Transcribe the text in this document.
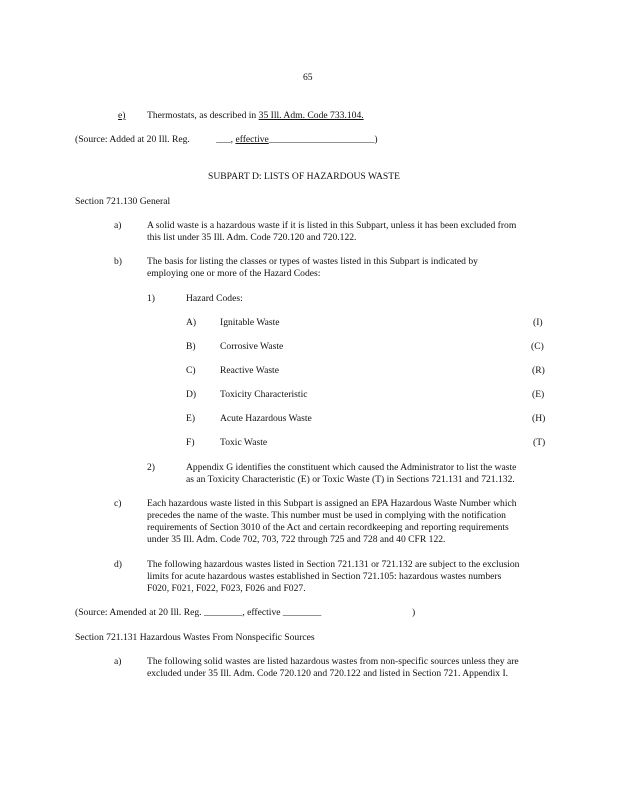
65
e) Thermostats, as described in 35 Ill. Adm. Code 733.104.
(Source: Added at 20 Ill. Reg.	___, effective______________________)
SUBPART D: LISTS OF HAZARDOUS WASTE
Section 721.130 General
a)	A solid waste is a hazardous waste if it is listed in this Subpart, unless it has been excluded from
this list under 35 Ill. Adm. Code 720.120 and 720.122.
b)	The basis for listing the classes or types of wastes listed in this Subpart is indicated by
employing one or more of the Hazard Codes:
1)	Hazard Codes:
A) Ignitable Waste	(I)
B)	Corrosive Waste	(C)
C)	Reactive Waste	(R)
D) Toxicity Characteristic	(E)
E)	Acute Hazardous Waste	(H)
F)	Toxic Waste	(T)
2)	Appendix G identifies the constituent which caused the Administrator to list the waste
as an Toxicity Characteristic (E) or Toxic Waste (T) in Sections 721.131 and 721.132.
c)	Each hazardous waste listed in this Subpart is assigned an EPA Hazardous Waste Number which
precedes the name of the waste. This number must be used in complying with the notification
requirements of Section 3010 of the Act and certain recordkeeping and reporting requirements
under 35 Ill. Adm. Code 702, 703, 722 through 725 and 728 and 40 CFR 122.
d)	The following hazardous wastes listed in Section 721.131 or 721.132 are subject to the exclusion
limits for acute hazardous wastes established in Section 721.105: hazardous wastes numbers
F020, F021, F022, F023, F026 and F027.
(Source: Amended at 20 Ill. Reg. ________, effective ________	)
Section 721.131 Hazardous Wastes From Nonspecific Sources
a)	The following solid wastes are listed hazardous wastes from non-specific sources unless they are
excluded under 35 Ill. Adm. Code 720.120 and 720.122 and listed in Section 721. Appendix I.
